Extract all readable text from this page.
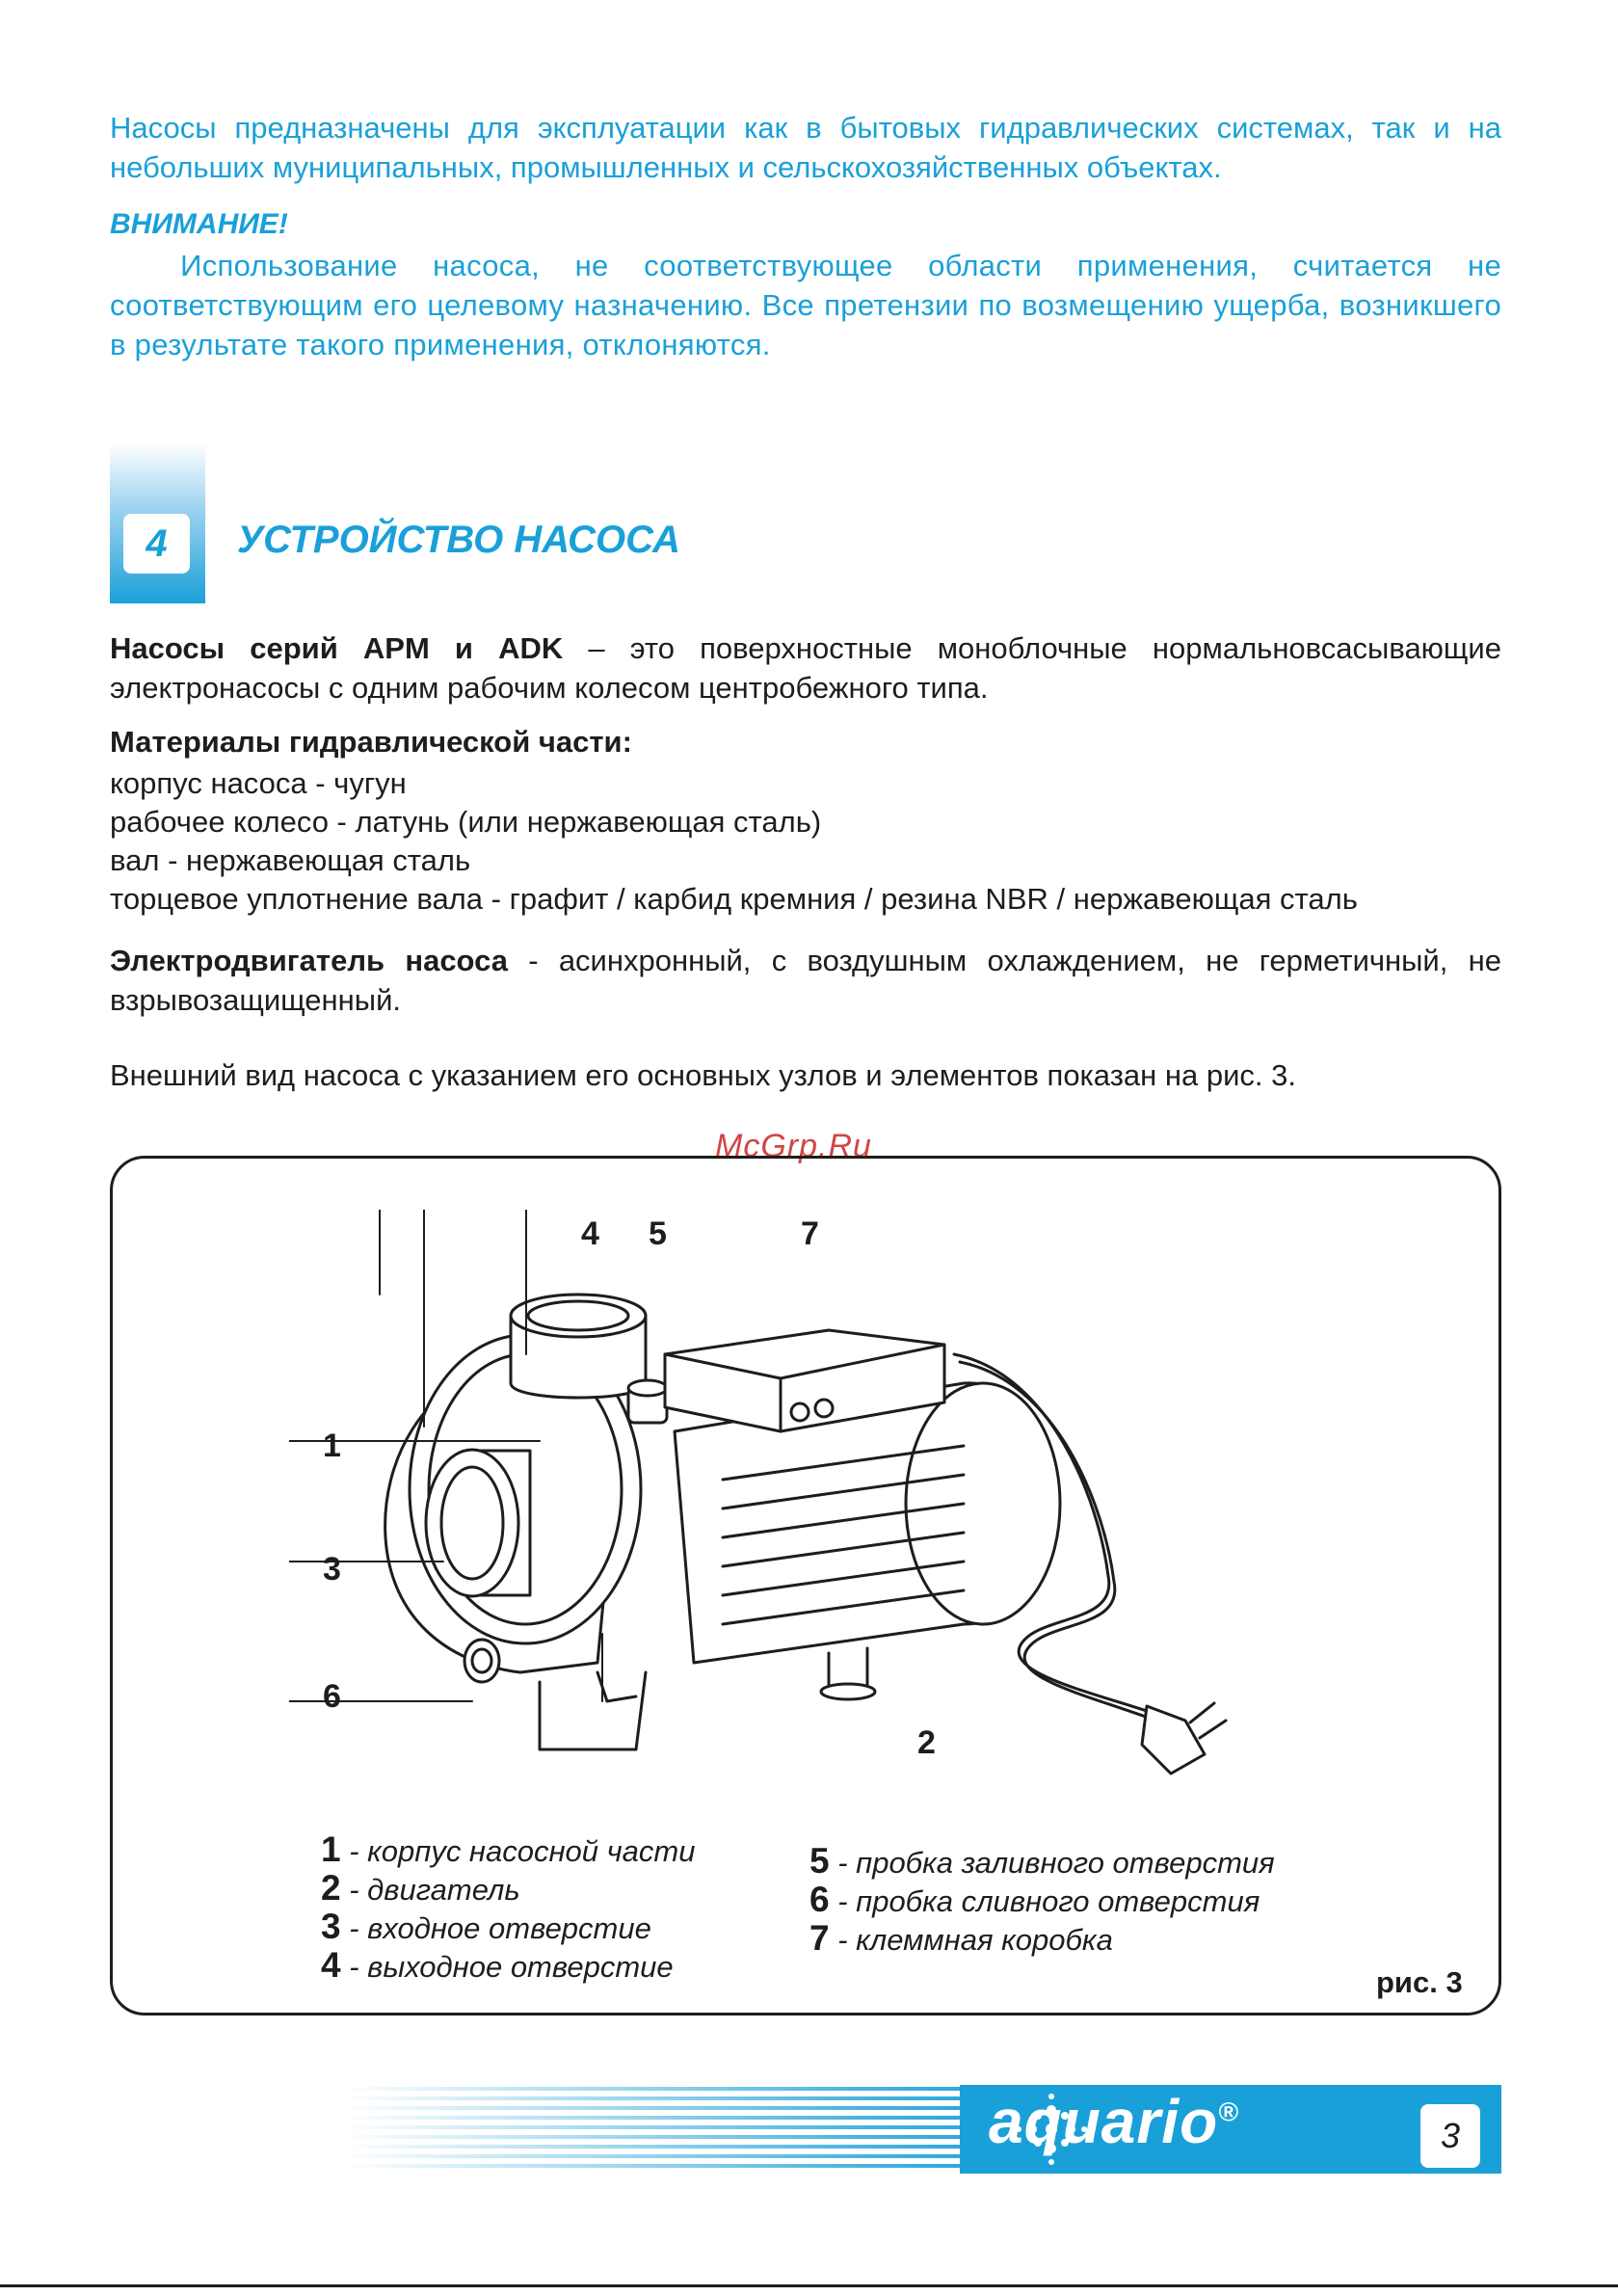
Насосы предназначены для эксплуатации как в бытовых гидравлических системах, так и на небольших муниципальных, промышленных и сельскохозяйственных объектах.

ВНИМАНИЕ!

Использование насоса, не соответствующее области применения, считается не соответствующим его целевому назначению. Все претензии по возмещению ущерба, возникшего в результате такого применения, отклоняются.

4	УСТРОЙСТВО НАСОСА

Насосы серий APM и ADK – это поверхностные моноблочные нормальновсасывающие электронасосы с одним рабочим колесом центробежного типа.

Материалы гидравлической части:
корпус насоса - чугун
рабочее колесо - латунь (или нержавеющая сталь)
вал - нержавеющая сталь
торцевое уплотнение вала - графит / карбид кремния / резина NBR / нержавеющая сталь

Электродвигатель насоса - асинхронный, с воздушным охлаждением, не герметичный, не взрывозащищенный.

Внешний вид насоса с указанием его основных узлов и элементов показан на рис. 3.
McGrp.Ru
4 5	7
1
3
6
2
1 - корпус насосной части
2 - двигатель
3 - входное отверстие
4 - выходное отверстие
5 - пробка заливного отверстия
6 - пробка сливного отверстия
7 - клеммная коробка
рис. 3
aquario®
3
